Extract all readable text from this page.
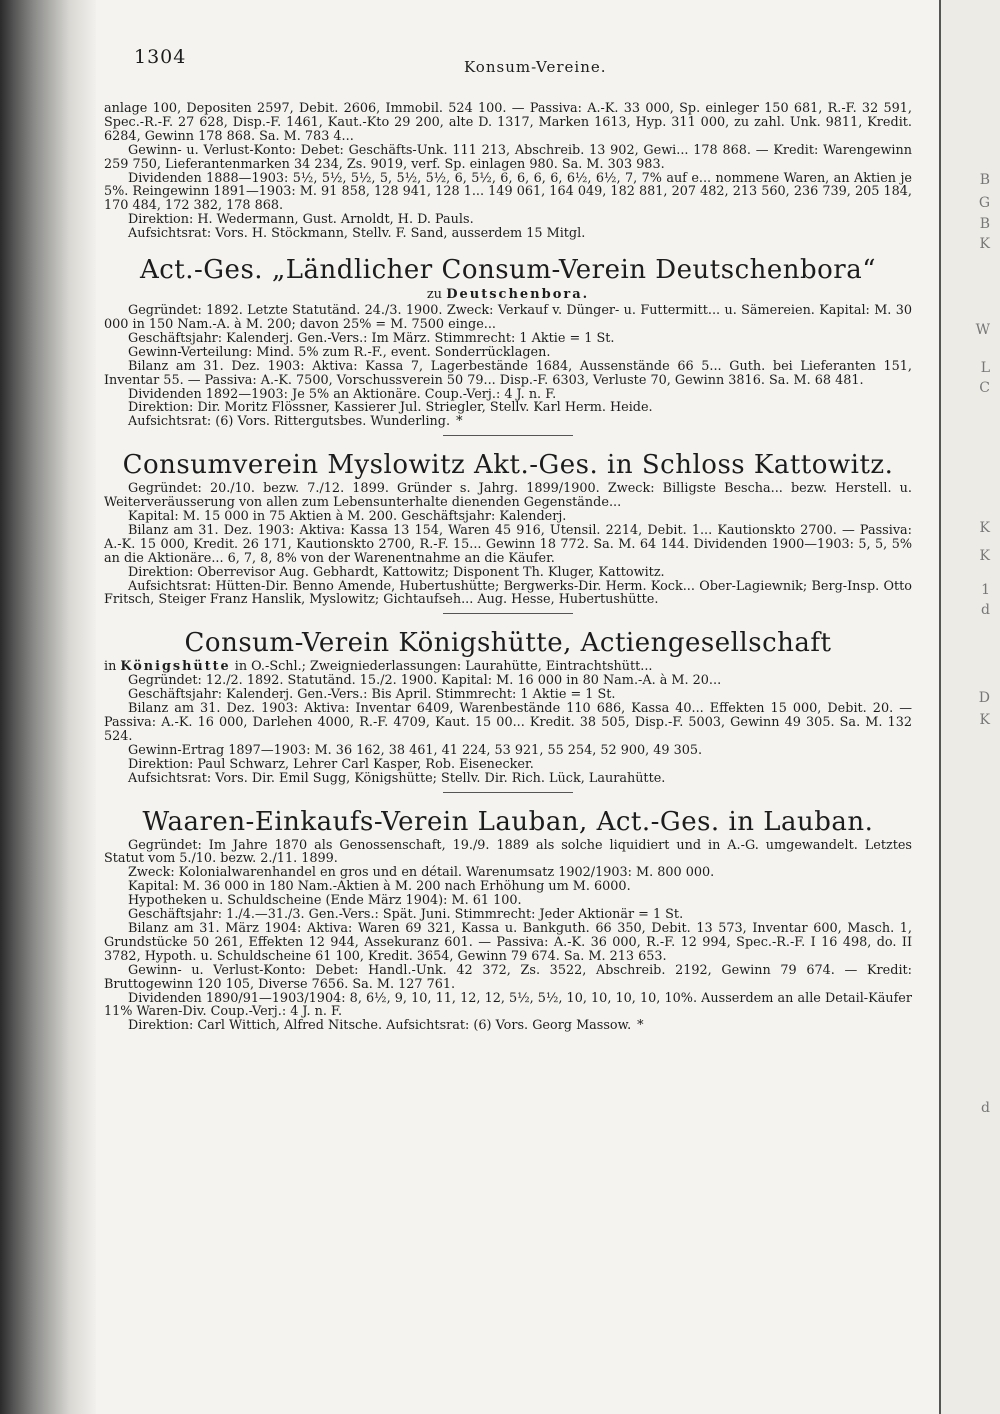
B
G
B
K
W
L
C
K
K
1
d
D
K
d
1304	Konsum-Vereine.

anlage 100, Depositen 2597, Debit. 2606, Immobil. 524 100. — Passiva: A.-K. 33 000, Sp. einleger 150 681, R.-F. 32 591, Spec.-R.-F. 27 628, Disp.-F. 1461, Kaut.-Kto 29 200, alte D. 1317, Marken 1613, Hyp. 311 000, zu zahl. Unk. 9811, Kredit. 6284, Gewinn 178 868. Sa. M. 783 4...

Gewinn- u. Verlust-Konto: Debet: Geschäfts-Unk. 111 213, Abschreib. 13 902, Gewi... 178 868. — Kredit: Warengewinn 259 750, Lieferantenmarken 34 234, Zs. 9019, verf. Sp. einlagen 980. Sa. M. 303 983.

Dividenden 1888—1903: 5½, 5½, 5½, 5, 5½, 5½, 6, 5½, 6, 6, 6, 6, 6½, 6½, 7, 7% auf e... nommene Waren, an Aktien je 5%. Reingewinn 1891—1903: M. 91 858, 128 941, 128 1... 149 061, 164 049, 182 881, 207 482, 213 560, 236 739, 205 184, 170 484, 172 382, 178 868.

Direktion: H. Wedermann, Gust. Arnoldt, H. D. Pauls.

Aufsichtsrat: Vors. H. Stöckmann, Stellv. F. Sand, ausserdem 15 Mitgl.

Act.-Ges. „Ländlicher Consum-Verein Deutschenbora“
zu Deutschenbora.

Gegründet: 1892. Letzte Statutänd. 24./3. 1900. Zweck: Verkauf v. Dünger- u. Futtermitt... u. Sämereien. Kapital: M. 30 000 in 150 Nam.-A. à M. 200; davon 25% = M. 7500 einge...

Geschäftsjahr: Kalenderj. Gen.-Vers.: Im März. Stimmrecht: 1 Aktie = 1 St.

Gewinn-Verteilung: Mind. 5% zum R.-F., event. Sonderrücklagen.

Bilanz am 31. Dez. 1903: Aktiva: Kassa 7, Lagerbestände 1684, Aussenstände 66 5... Guth. bei Lieferanten 151, Inventar 55. — Passiva: A.-K. 7500, Vorschussverein 50 79... Disp.-F. 6303, Verluste 70, Gewinn 3816. Sa. M. 68 481.

Dividenden 1892—1903: Je 5% an Aktionäre. Coup.-Verj.: 4 J. n. F.

Direktion: Dir. Moritz Flössner, Kassierer Jul. Striegler, Stellv. Karl Herm. Heide.

Aufsichtsrat: (6) Vors. Rittergutsbes. Wunderling. *

Consumverein Myslowitz Akt.-Ges. in Schloss Kattowitz.

Gegründet: 20./10. bezw. 7./12. 1899. Gründer s. Jahrg. 1899/1900. Zweck: Billigste Bescha... bezw. Herstell. u. Weiterveräusserung von allen zum Lebensunterhalte dienenden Gegenstände...

Kapital: M. 15 000 in 75 Aktien à M. 200. Geschäftsjahr: Kalenderj.

Bilanz am 31. Dez. 1903: Aktiva: Kassa 13 154, Waren 45 916, Utensil. 2214, Debit. 1... Kautionskto 2700. — Passiva: A.-K. 15 000, Kredit. 26 171, Kautionskto 2700, R.-F. 15... Gewinn 18 772. Sa. M. 64 144. Dividenden 1900—1903: 5, 5, 5% an die Aktionäre... 6, 7, 8, 8% von der Warenentnahme an die Käufer.

Direktion: Oberrevisor Aug. Gebhardt, Kattowitz; Disponent Th. Kluger, Kattowitz.

Aufsichtsrat: Hütten-Dir. Benno Amende, Hubertushütte; Bergwerks-Dir. Herm. Kock... Ober-Lagiewnik; Berg-Insp. Otto Fritsch, Steiger Franz Hanslik, Myslowitz; Gichtaufseh... Aug. Hesse, Hubertushütte.

Consum-Verein Königshütte, Actiengesellschaft

in Königshütte in O.-Schl.; Zweigniederlassungen: Laurahütte, Eintrachtshütt...

Gegründet: 12./2. 1892. Statutänd. 15./2. 1900. Kapital: M. 16 000 in 80 Nam.-A. à M. 20...

Geschäftsjahr: Kalenderj. Gen.-Vers.: Bis April. Stimmrecht: 1 Aktie = 1 St.

Bilanz am 31. Dez. 1903: Aktiva: Inventar 6409, Warenbestände 110 686, Kassa 40... Effekten 15 000, Debit. 20. — Passiva: A.-K. 16 000, Darlehen 4000, R.-F. 4709, Kaut. 15 00... Kredit. 38 505, Disp.-F. 5003, Gewinn 49 305. Sa. M. 132 524.

Gewinn-Ertrag 1897—1903: M. 36 162, 38 461, 41 224, 53 921, 55 254, 52 900, 49 305.

Direktion: Paul Schwarz, Lehrer Carl Kasper, Rob. Eisenecker.

Aufsichtsrat: Vors. Dir. Emil Sugg, Königshütte; Stellv. Dir. Rich. Lück, Laurahütte.

Waaren-Einkaufs-Verein Lauban, Act.-Ges. in Lauban.

Gegründet: Im Jahre 1870 als Genossenschaft, 19./9. 1889 als solche liquidiert und in A.-G. umgewandelt. Letztes Statut vom 5./10. bezw. 2./11. 1899.

Zweck: Kolonialwarenhandel en gros und en détail. Warenumsatz 1902/1903: M. 800 000.

Kapital: M. 36 000 in 180 Nam.-Aktien à M. 200 nach Erhöhung um M. 6000.

Hypotheken u. Schuldscheine (Ende März 1904): M. 61 100.

Geschäftsjahr: 1./4.—31./3. Gen.-Vers.: Spät. Juni. Stimmrecht: Jeder Aktionär = 1 St.

Bilanz am 31. März 1904: Aktiva: Waren 69 321, Kassa u. Bankguth. 66 350, Debit. 13 573, Inventar 600, Masch. 1, Grundstücke 50 261, Effekten 12 944, Assekuranz 601. — Passiva: A.-K. 36 000, R.-F. 12 994, Spec.-R.-F. I 16 498, do. II 3782, Hypoth. u. Schuldscheine 61 100, Kredit. 3654, Gewinn 79 674. Sa. M. 213 653.

Gewinn- u. Verlust-Konto: Debet: Handl.-Unk. 42 372, Zs. 3522, Abschreib. 2192, Gewinn 79 674. — Kredit: Bruttogewinn 120 105, Diverse 7656. Sa. M. 127 761.

Dividenden 1890/91—1903/1904: 8, 6½, 9, 10, 11, 12, 12, 5½, 5½, 10, 10, 10, 10, 10%. Ausserdem an alle Detail-Käufer 11% Waren-Div. Coup.-Verj.: 4 J. n. F.

Direktion: Carl Wittich, Alfred Nitsche. Aufsichtsrat: (6) Vors. Georg Massow. *
